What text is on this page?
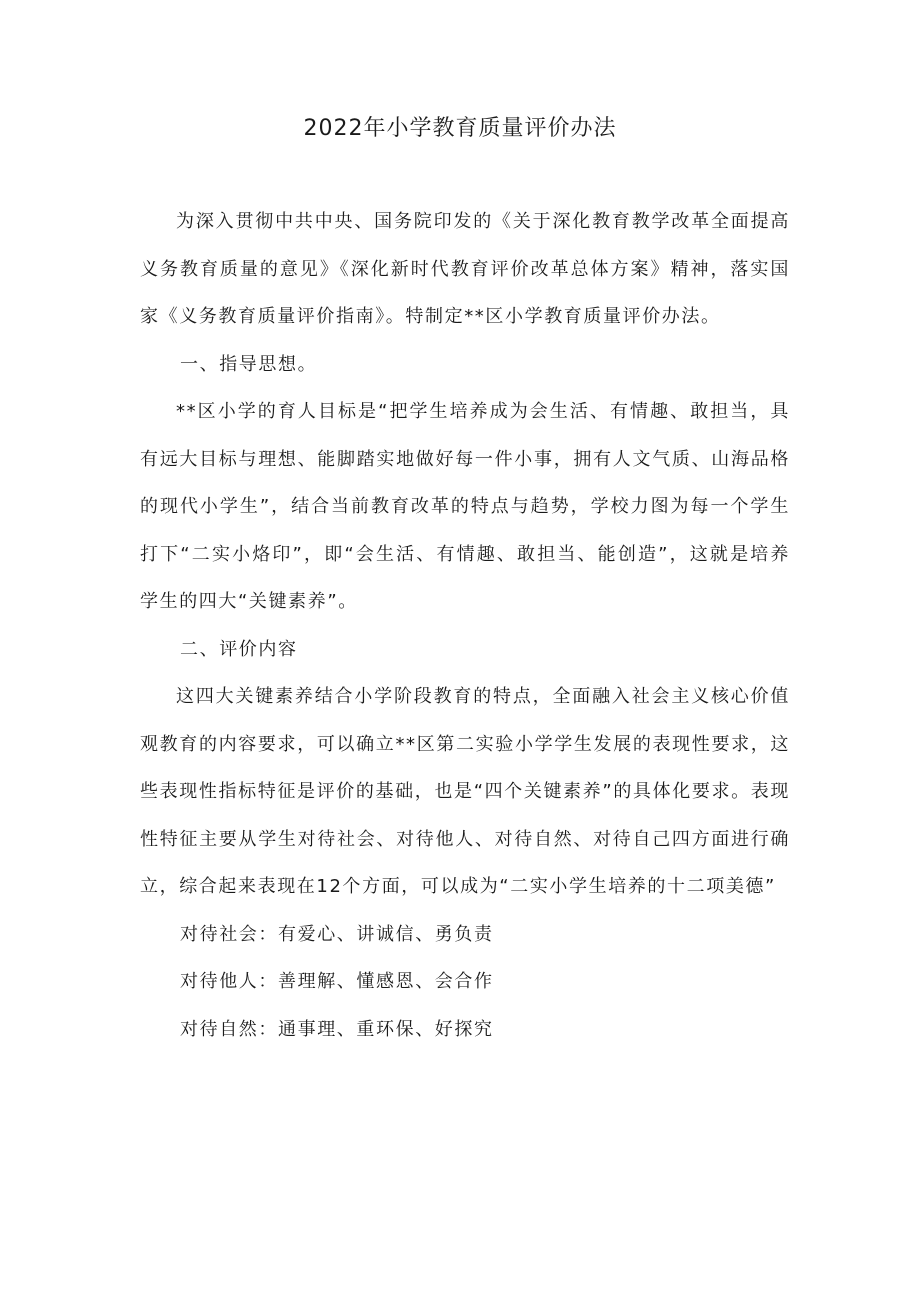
2022年小学教育质量评价办法

为深入贯彻中共中央、国务院印发的《关于深化教育教学改革全面提高义务教育质量的意见》《深化新时代教育评价改革总体方案》精神，落实国家《义务教育质量评价指南》。特制定**区小学教育质量评价办法。

一、指导思想。

**区小学的育人目标是“把学生培养成为会生活、有情趣、敢担当，具有远大目标与理想、能脚踏实地做好每一件小事，拥有人文气质、山海品格的现代小学生”，结合当前教育改革的特点与趋势，学校力图为每一个学生打下“二实小烙印”，即“会生活、有情趣、敢担当、能创造”，这就是培养学生的四大“关键素养”。

二、评价内容

这四大关键素养结合小学阶段教育的特点，全面融入社会主义核心价值观教育的内容要求，可以确立**区第二实验小学学生发展的表现性要求，这些表现性指标特征是评价的基础，也是“四个关键素养”的具体化要求。表现性特征主要从学生对待社会、对待他人、对待自然、对待自己四方面进行确立，综合起来表现在12个方面，可以成为“二实小学生培养的十二项美德”

对待社会：有爱心、讲诚信、勇负责

对待他人：善理解、懂感恩、会合作

对待自然：通事理、重环保、好探究
